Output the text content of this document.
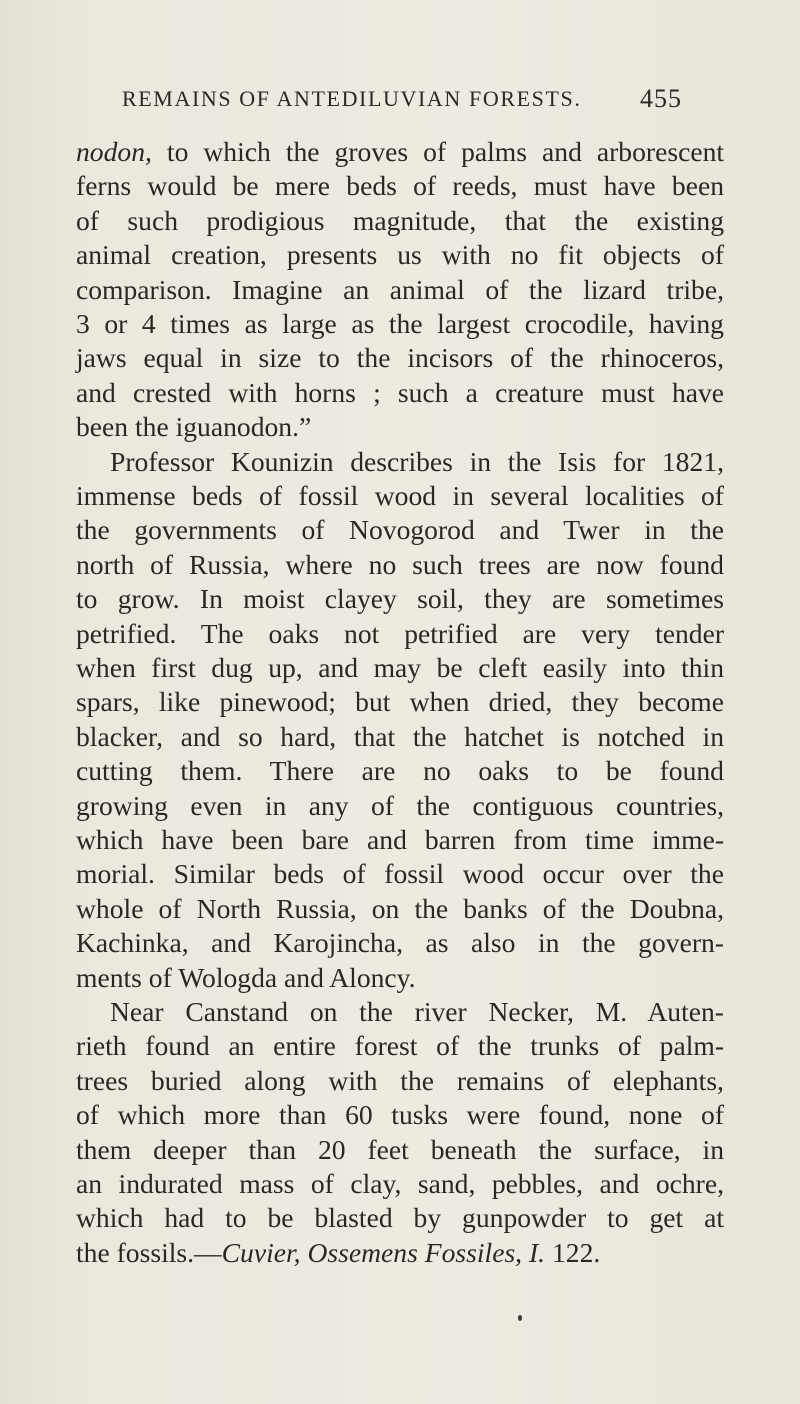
REMAINS OF ANTEDILUVIAN FORESTS. 455
nodon, to which the groves of palms and arborescent
ferns would be mere beds of reeds, must have been
of such prodigious magnitude, that the existing
animal creation, presents us with no fit objects of
comparison. Imagine an animal of the lizard tribe,
3 or 4 times as large as the largest crocodile, having
jaws equal in size to the incisors of the rhinoceros,
and crested with horns ; such a creature must have
been the iguanodon.”
Professor Kounizin describes in the Isis for 1821,
immense beds of fossil wood in several localities of
the governments of Novogorod and Twer in the
north of Russia, where no such trees are now found
to grow. In moist clayey soil, they are sometimes
petrified. The oaks not petrified are very tender
when first dug up, and may be cleft easily into thin
spars, like pinewood; but when dried, they become
blacker, and so hard, that the hatchet is notched in
cutting them. There are no oaks to be found
growing even in any of the contiguous countries,
which have been bare and barren from time imme-
morial. Similar beds of fossil wood occur over the
whole of North Russia, on the banks of the Doubna,
Kachinka, and Karojincha, as also in the govern-
ments of Wologda and Aloncy.
Near Canstand on the river Necker, M. Auten-
rieth found an entire forest of the trunks of palm-
trees buried along with the remains of elephants,
of which more than 60 tusks were found, none of
them deeper than 20 feet beneath the surface, in
an indurated mass of clay, sand, pebbles, and ochre,
which had to be blasted by gunpowder to get at
the fossils.—Cuvier, Ossemens Fossiles, I. 122.
